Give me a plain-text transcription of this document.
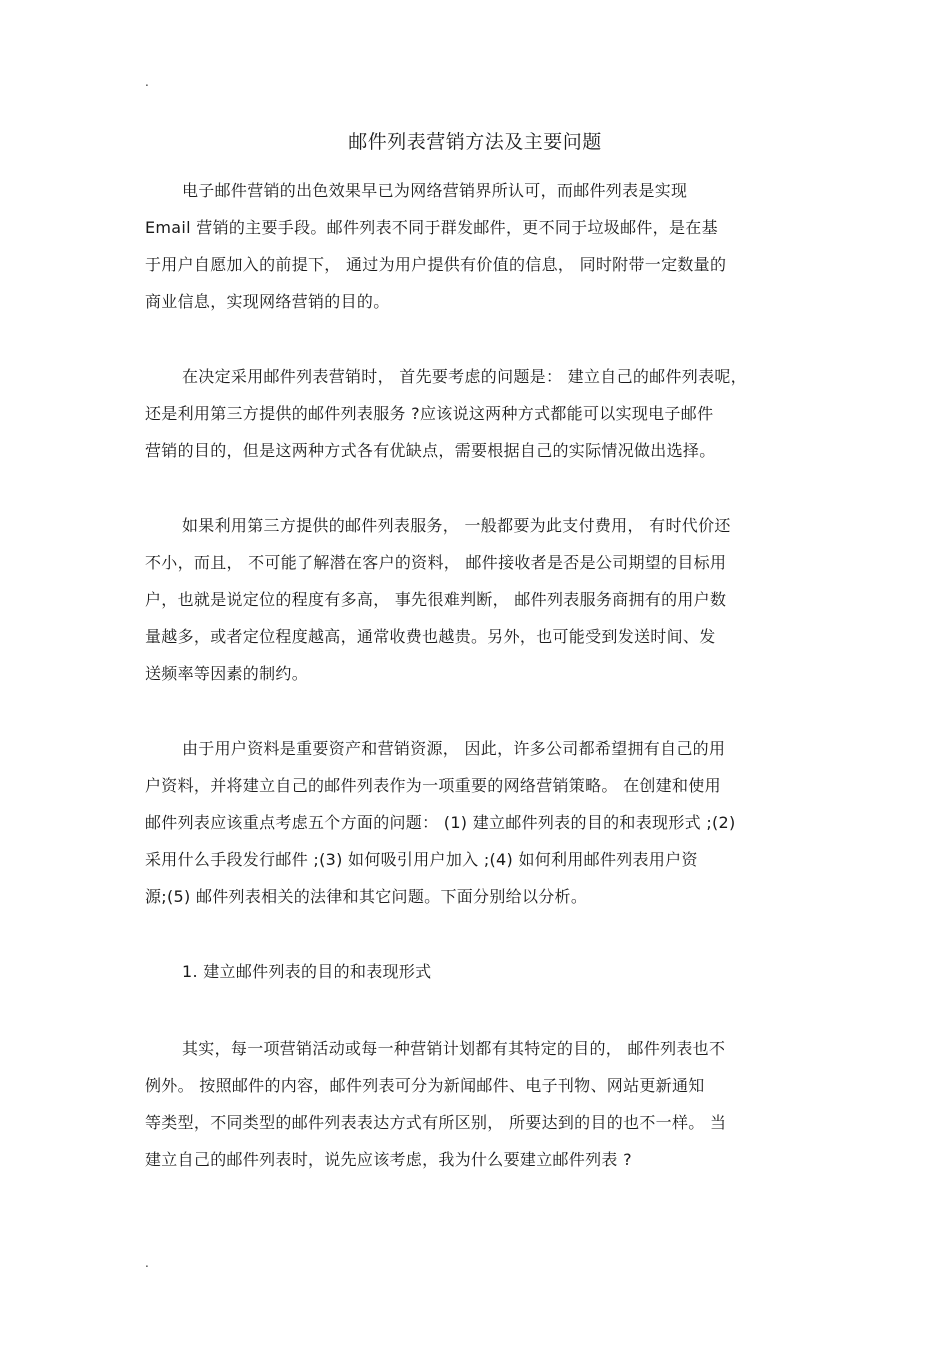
.
邮件列表营销方法及主要问题
电子邮件营销的出色效果早已为网络营销界所认可，而邮件列表是实现
Email 营销的主要手段。邮件列表不同于群发邮件，更不同于垃圾邮件，是在基
于用户自愿加入的前提下， 通过为用户提供有价值的信息， 同时附带一定数量的
商业信息，实现网络营销的目的。
在决定采用邮件列表营销时， 首先要考虑的问题是： 建立自己的邮件列表呢，
还是利用第三方提供的邮件列表服务 ?应该说这两种方式都能可以实现电子邮件
营销的目的，但是这两种方式各有优缺点，需要根据自己的实际情况做出选择。
如果利用第三方提供的邮件列表服务， 一般都要为此支付费用， 有时代价还
不小，而且， 不可能了解潜在客户的资料， 邮件接收者是否是公司期望的目标用
户，也就是说定位的程度有多高， 事先很难判断， 邮件列表服务商拥有的用户数
量越多，或者定位程度越高，通常收费也越贵。另外，也可能受到发送时间、发
送频率等因素的制约。
由于用户资料是重要资产和营销资源， 因此，许多公司都希望拥有自己的用
户资料，并将建立自己的邮件列表作为一项重要的网络营销策略。 在创建和使用
邮件列表应该重点考虑五个方面的问题： (1) 建立邮件列表的目的和表现形式 ;(2)
采用什么手段发行邮件 ;(3) 如何吸引用户加入 ;(4) 如何利用邮件列表用户资
源;(5) 邮件列表相关的法律和其它问题。下面分别给以分析。
1. 建立邮件列表的目的和表现形式
其实，每一项营销活动或每一种营销计划都有其特定的目的， 邮件列表也不
例外。 按照邮件的内容，邮件列表可分为新闻邮件、电子刊物、网站更新通知
等类型，不同类型的邮件列表表达方式有所区别， 所要达到的目的也不一样。 当
建立自己的邮件列表时，说先应该考虑，我为什么要建立邮件列表 ?
.
